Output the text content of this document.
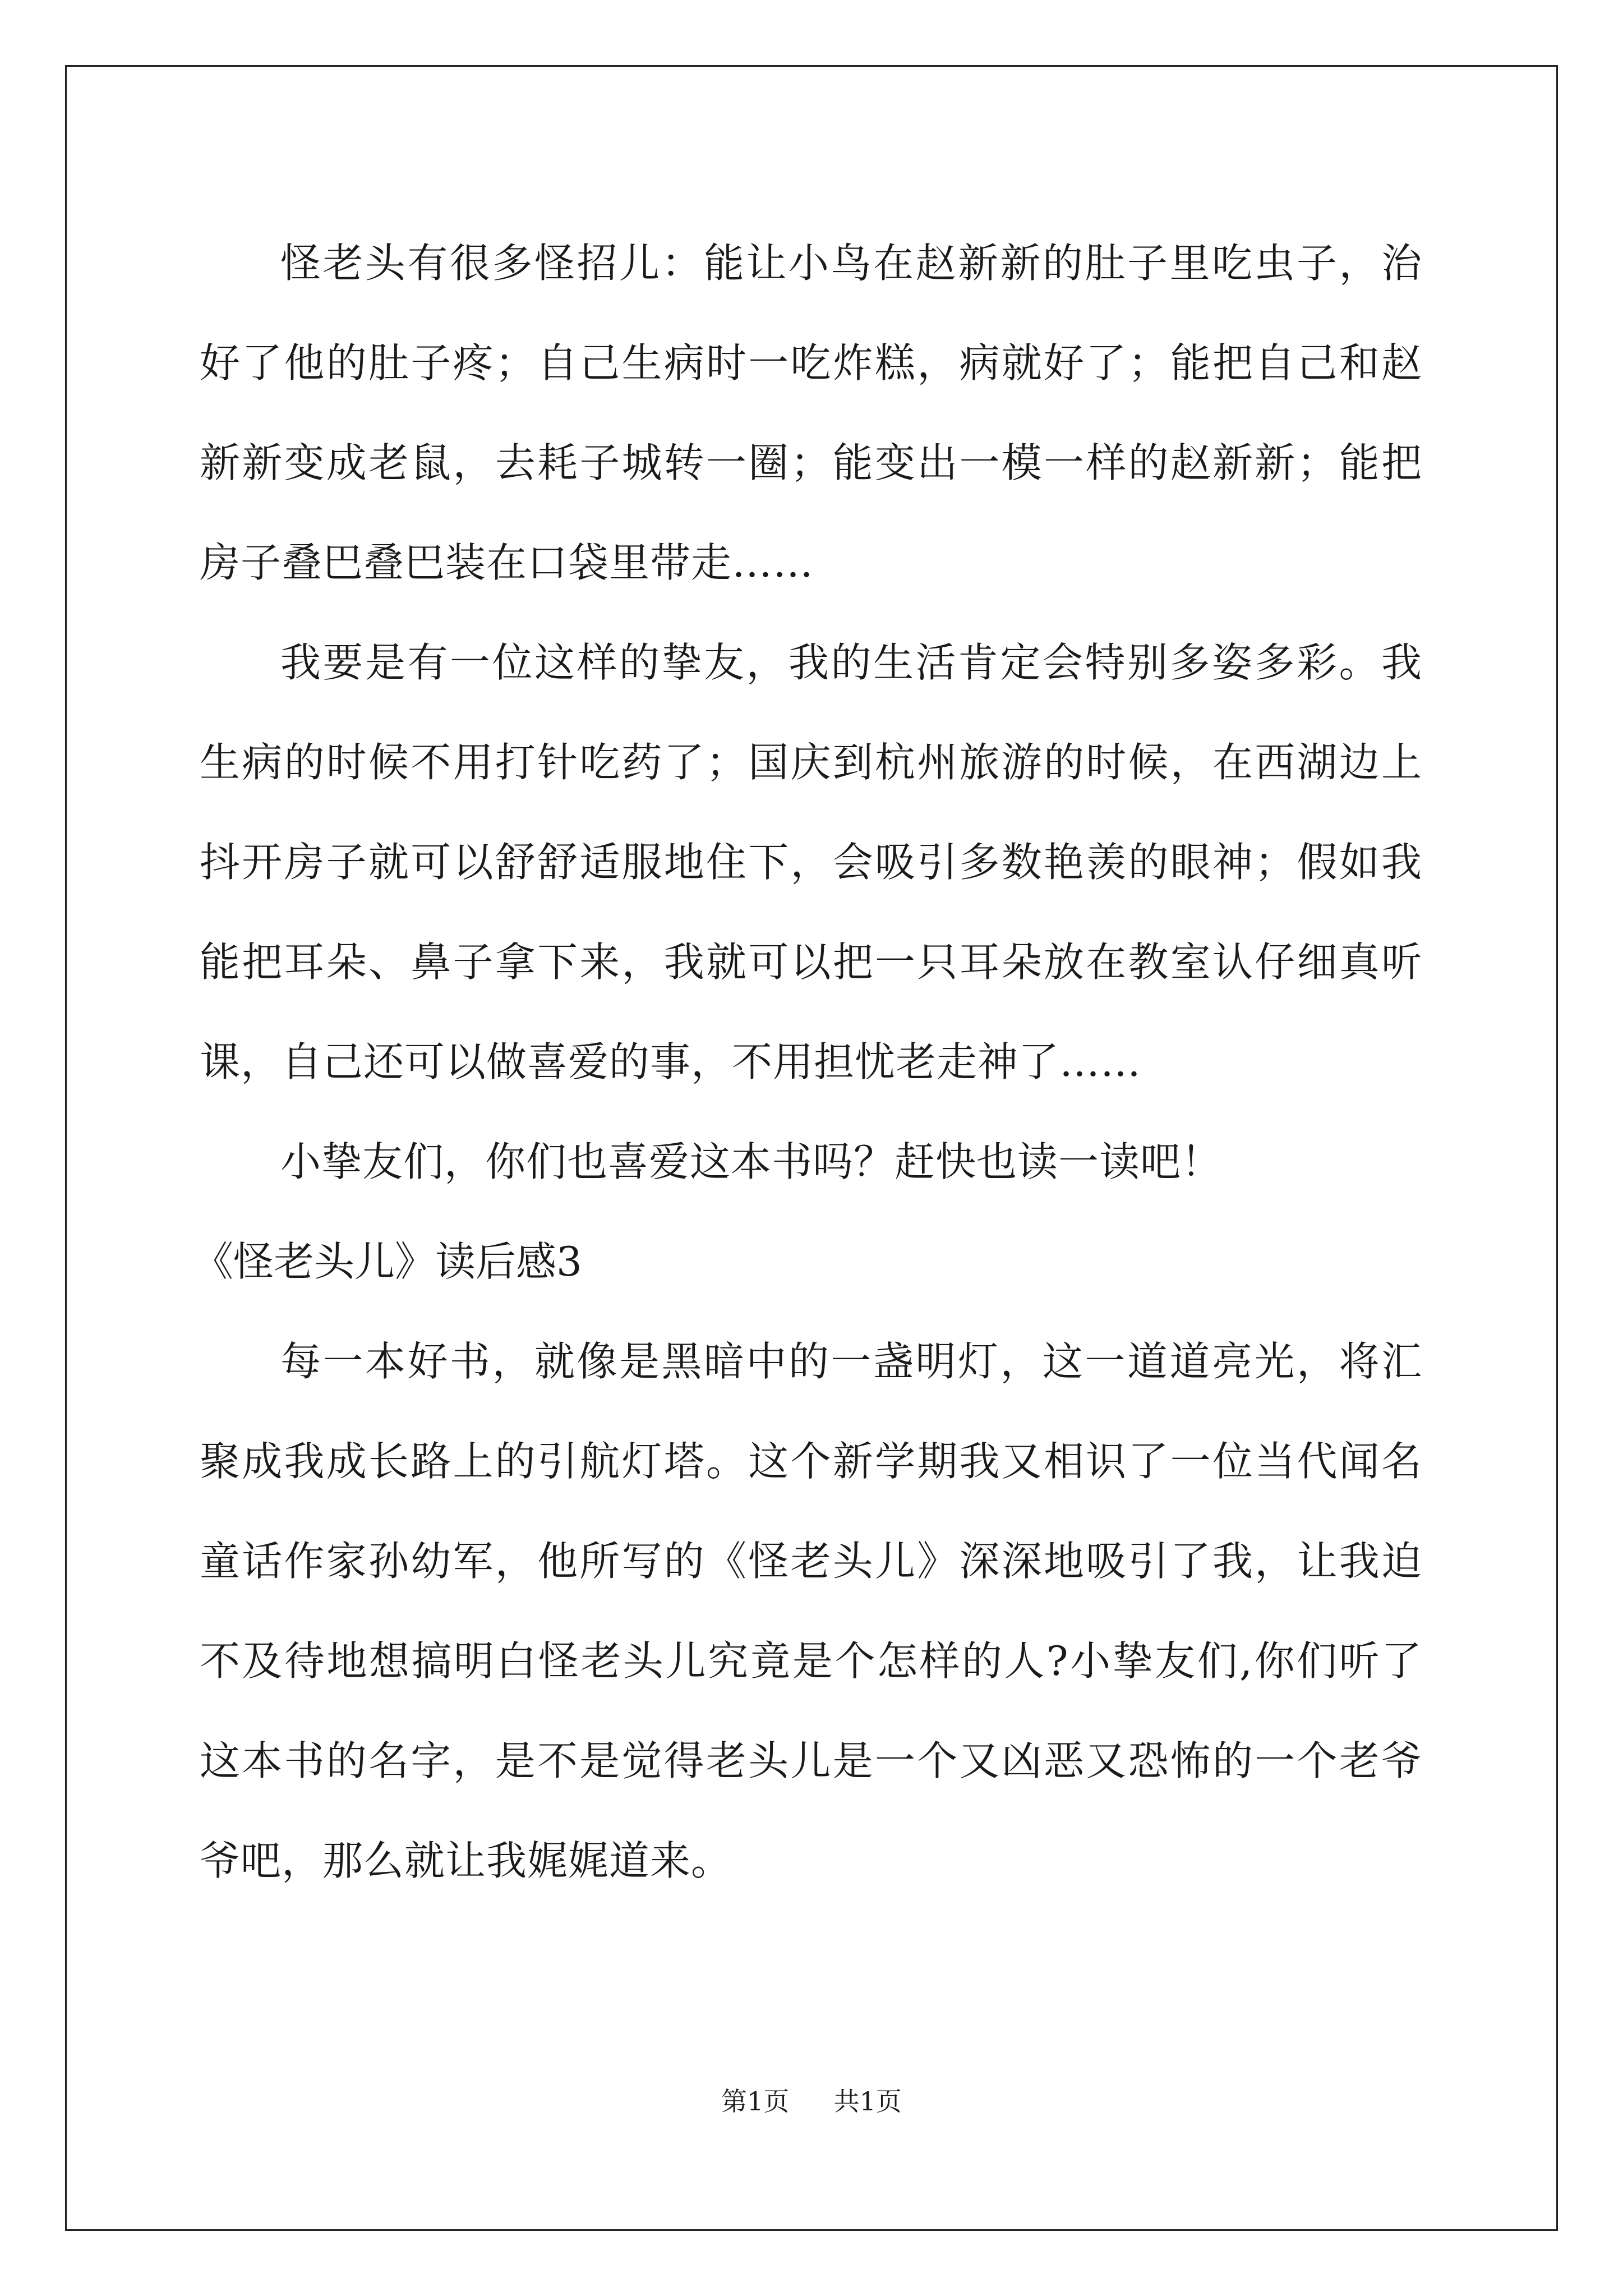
怪老头有很多怪招儿：能让小鸟在赵新新的肚子里吃虫子，治好了他的肚子疼；自己生病时一吃炸糕，病就好了；能把自己和赵新新变成老鼠，去耗子城转一圈；能变出一模一样的赵新新；能把房子叠巴叠巴装在口袋里带走……

我要是有一位这样的挚友，我的生活肯定会特别多姿多彩。我生病的时候不用打针吃药了；国庆到杭州旅游的时候，在西湖边上抖开房子就可以舒舒适服地住下，会吸引多数艳羡的眼神；假如我能把耳朵、鼻子拿下来，我就可以把一只耳朵放在教室认仔细真听课，自己还可以做喜爱的事，不用担忧老走神了……

小挚友们，你们也喜爱这本书吗？赶快也读一读吧！

《怪老头儿》读后感3

每一本好书，就像是黑暗中的一盏明灯，这一道道亮光，将汇聚成我成长路上的引航灯塔。这个新学期我又相识了一位当代闻名童话作家孙幼军，他所写的《怪老头儿》深深地吸引了我，让我迫不及待地想搞明白怪老头儿究竟是个怎样的人?小挚友们,你们听了这本书的名字，是不是觉得老头儿是一个又凶恶又恐怖的一个老爷爷吧，那么就让我娓娓道来。

第1页 共1页
